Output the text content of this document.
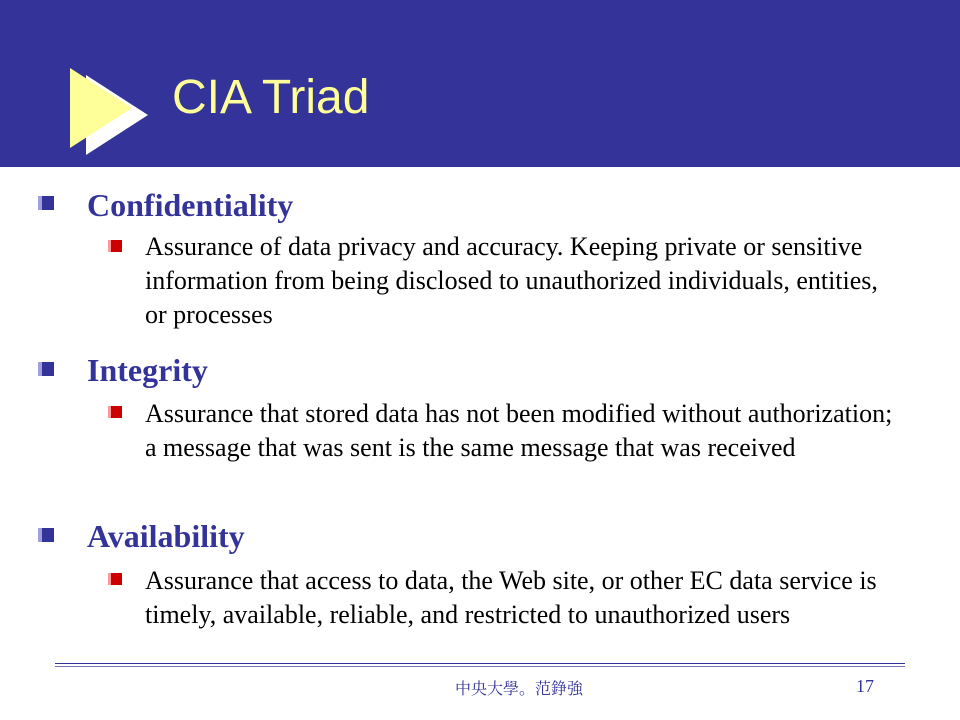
CIA Triad
Confidentiality

Assurance of data privacy and accuracy. Keeping private or sensitive information from being disclosed to unauthorized individuals, entities, or processes

Integrity

Assurance that stored data has not been modified without authorization; a message that was sent is the same message that was received

Availability

Assurance that access to data, the Web site, or other EC data service is timely, available, reliable, and restricted to unauthorized users

中央大學。范錚強	17
